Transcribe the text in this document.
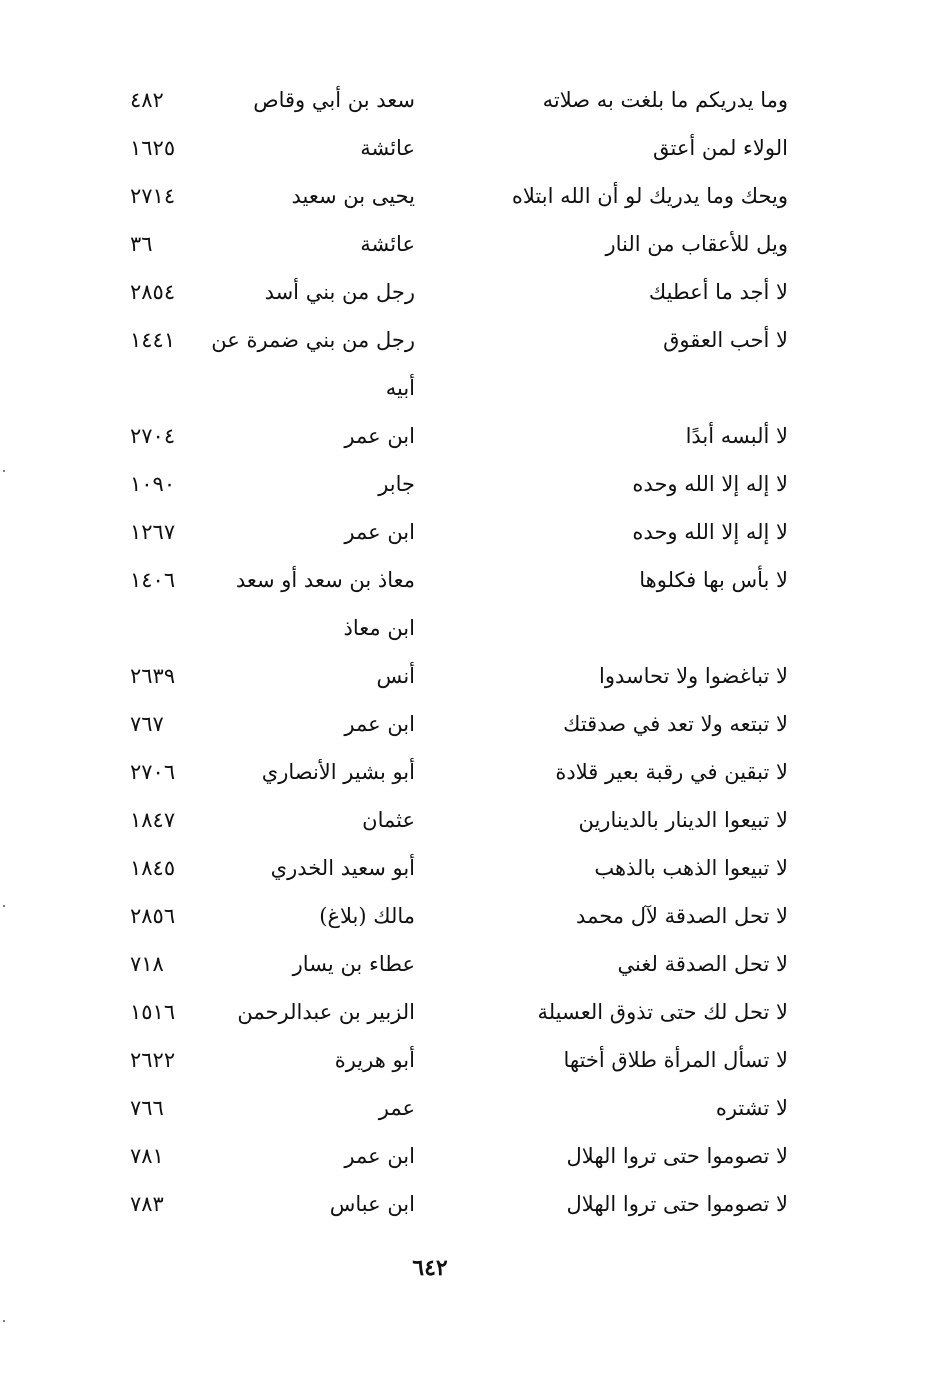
وما يدريكم ما بلغت به صلاته
سعد بن أبي وقاص
٤٨٢
الولاء لمن أعتق
عائشة
١٦٢٥
ويحك وما يدريك لو أن الله ابتلاه
يحيى بن سعيد
٢٧١٤
ويل للأعقاب من النار
عائشة
٣٦
لا أجد ما أعطيك
رجل من بني أسد
٢٨٥٤
لا أحب العقوق
رجل من بني ضمرة عن أبيه
١٤٤١
لا ألبسه أبدًا
ابن عمر
٢٧٠٤
لا إله إلا الله وحده
جابر
١٠٩٠
لا إله إلا الله وحده
ابن عمر
١٢٦٧
لا بأس بها فكلوها
معاذ بن سعد أو سعد ابن معاذ
١٤٠٦
لا تباغضوا ولا تحاسدوا
أنس
٢٦٣٩
لا تبتعه ولا تعد في صدقتك
ابن عمر
٧٦٧
لا تبقين في رقبة بعير قلادة
أبو بشير الأنصاري
٢٧٠٦
لا تبيعوا الدينار بالدينارين
عثمان
١٨٤٧
لا تبيعوا الذهب بالذهب
أبو سعيد الخدري
١٨٤٥
لا تحل الصدقة لآل محمد
مالك (بلاغ)
٢٨٥٦
لا تحل الصدقة لغني
عطاء بن يسار
٧١٨
لا تحل لك حتى تذوق العسيلة
الزبير بن عبدالرحمن
١٥١٦
لا تسأل المرأة طلاق أختها
أبو هريرة
٢٦٢٢
لا تشتره
عمر
٧٦٦
لا تصوموا حتى تروا الهلال
ابن عمر
٧٨١
لا تصوموا حتى تروا الهلال
ابن عباس
٧٨٣
٦٤٢
